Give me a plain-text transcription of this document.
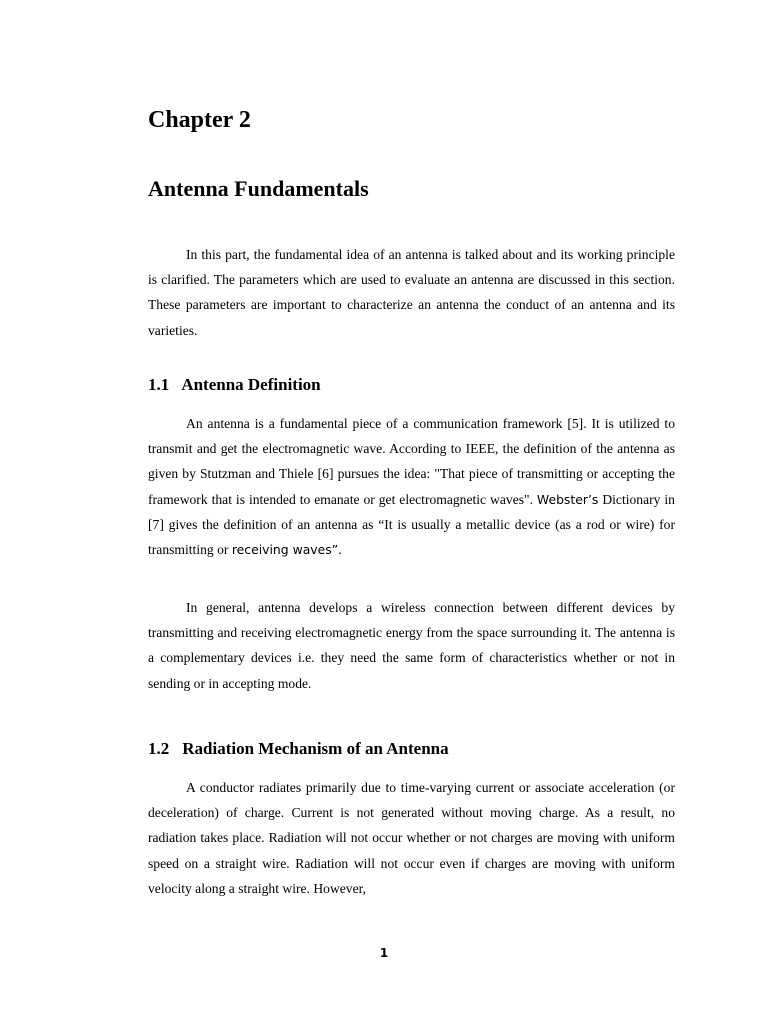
Chapter 2
Antenna Fundamentals

In this part, the fundamental idea of an antenna is talked about and its working principle is clarified. The parameters which are used to evaluate an antenna are discussed in this section. These parameters are important to characterize an antenna the conduct of an antenna and its varieties.

1.1 Antenna Definition

An antenna is a fundamental piece of a communication framework [5]. It is utilized to transmit and get the electromagnetic wave. According to IEEE, the definition of the antenna as given by Stutzman and Thiele [6] pursues the idea: "That piece of transmitting or accepting the framework that is intended to emanate or get electromagnetic waves". Webster’s Dictionary in [7] gives the definition of an antenna as “It is usually a metallic device (as a rod or wire) for transmitting or receiving waves”.

In general, antenna develops a wireless connection between different devices by transmitting and receiving electromagnetic energy from the space surrounding it. The antenna is a complementary devices i.e. they need the same form of characteristics whether or not in sending or in accepting mode.

1.2 Radiation Mechanism of an Antenna

A conductor radiates primarily due to time-varying current or associate acceleration (or deceleration) of charge. Current is not generated without moving charge. As a result, no radiation takes place. Radiation will not occur whether or not charges are moving with uniform speed on a straight wire. Radiation will not occur even if charges are moving with uniform velocity along a straight wire. However,

1
